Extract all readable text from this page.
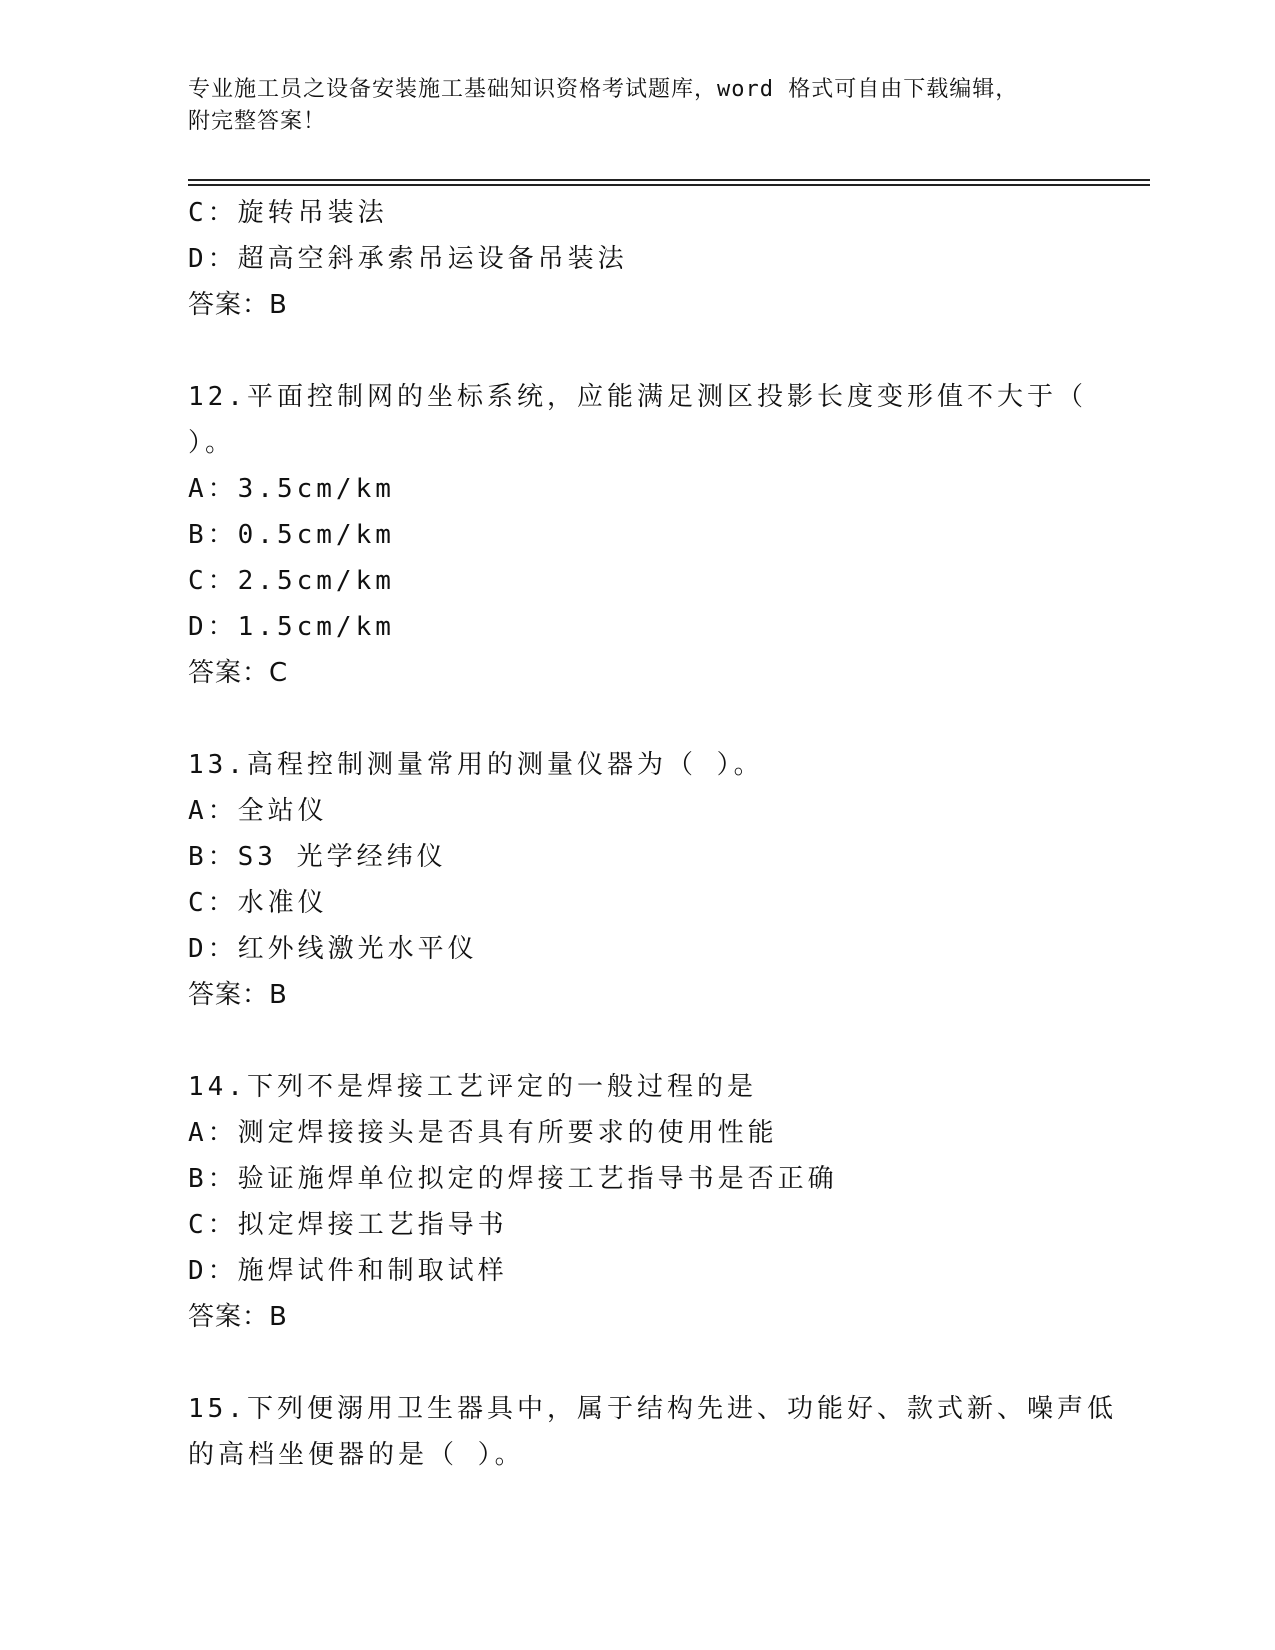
专业施工员之设备安装施工基础知识资格考试题库，word 格式可自由下载编辑，

附完整答案！

C：旋转吊装法
D：超高空斜承索吊运设备吊装法
答案：B
12.平面控制网的坐标系统，应能满足测区投影长度变形值不大于（
）。
A：3.5cm/km
B：0.5cm/km
C：2.5cm/km
D：1.5cm/km
答案：C
13.高程控制测量常用的测量仪器为（ ）。
A：全站仪
B：S3 光学经纬仪
C：水准仪
D：红外线激光水平仪
答案：B
14.下列不是焊接工艺评定的一般过程的是
A：测定焊接接头是否具有所要求的使用性能
B：验证施焊单位拟定的焊接工艺指导书是否正确
C：拟定焊接工艺指导书
D：施焊试件和制取试样
答案：B
15.下列便溺用卫生器具中，属于结构先进、功能好、款式新、噪声低
的高档坐便器的是（ ）。
